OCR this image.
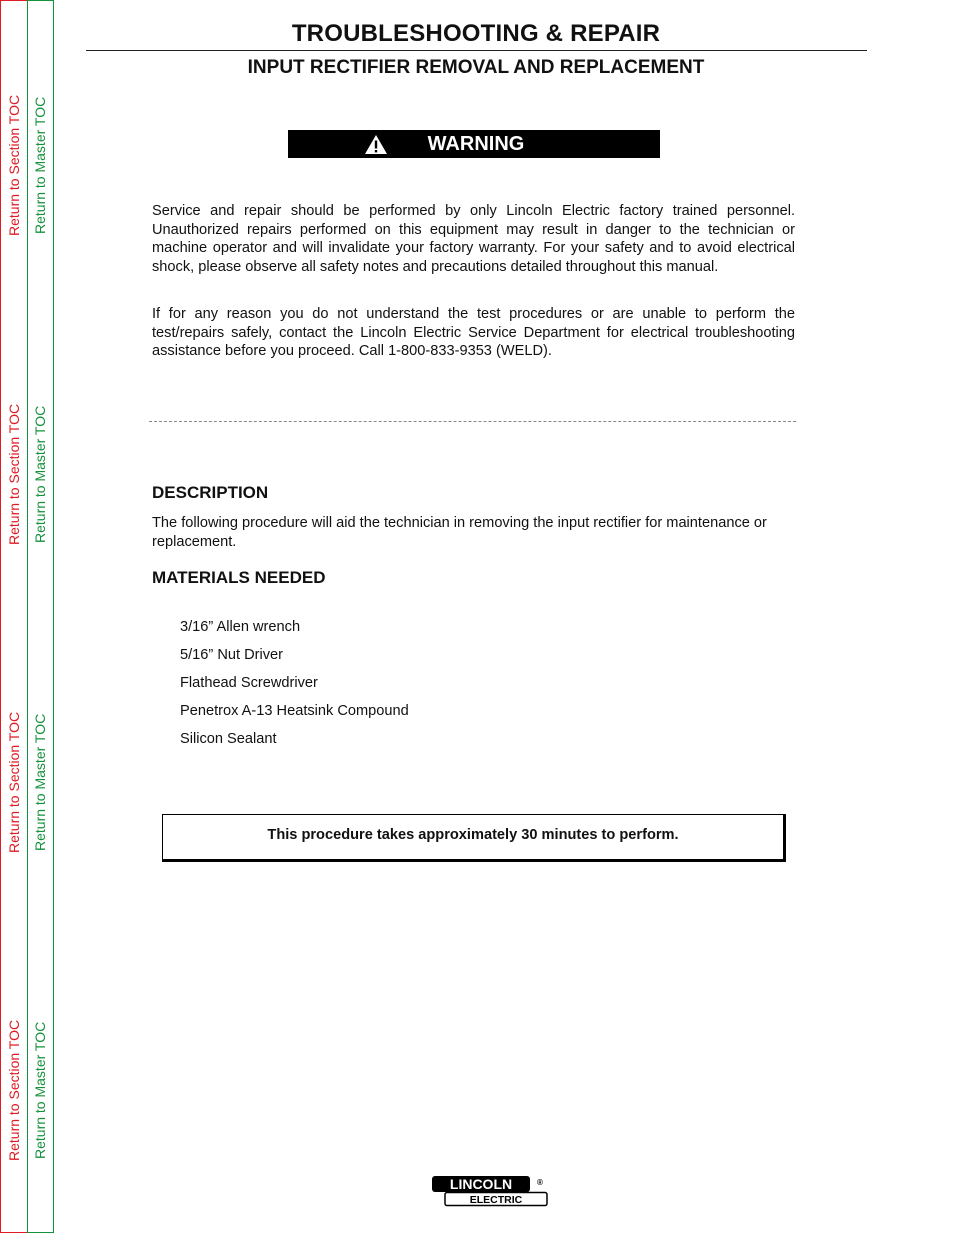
Return to Section TOC
Return to Section TOC
Return to Section TOC
Return to Section TOC
Return to Master TOC
Return to Master TOC
Return to Master TOC
Return to Master TOC
TROUBLESHOOTING & REPAIR
INPUT RECTIFIER REMOVAL AND REPLACEMENT
WARNING

Service and repair should be performed by only Lincoln Electric factory trained personnel. Unauthorized repairs performed on this equipment may result in danger to the technician or machine operator and will invalidate your factory warranty. For your safety and to avoid electrical shock, please observe all safety notes and precautions detailed throughout this manual.

If for any reason you do not understand the test procedures or are unable to perform the test/repairs safely, contact the Lincoln Electric Service Department for electrical troubleshooting assistance before you proceed. Call 1-800-833-9353 (WELD).

DESCRIPTION

The following procedure will aid the technician in removing the input rectifier for maintenance or replacement.

MATERIALS NEEDED
3/16” Allen wrench
5/16” Nut Driver
Flathead Screwdriver
Penetrox A-13 Heatsink Compound
Silicon Sealant
This procedure takes approximately 30 minutes to perform.
LINCOLN	®
ELECTRIC
